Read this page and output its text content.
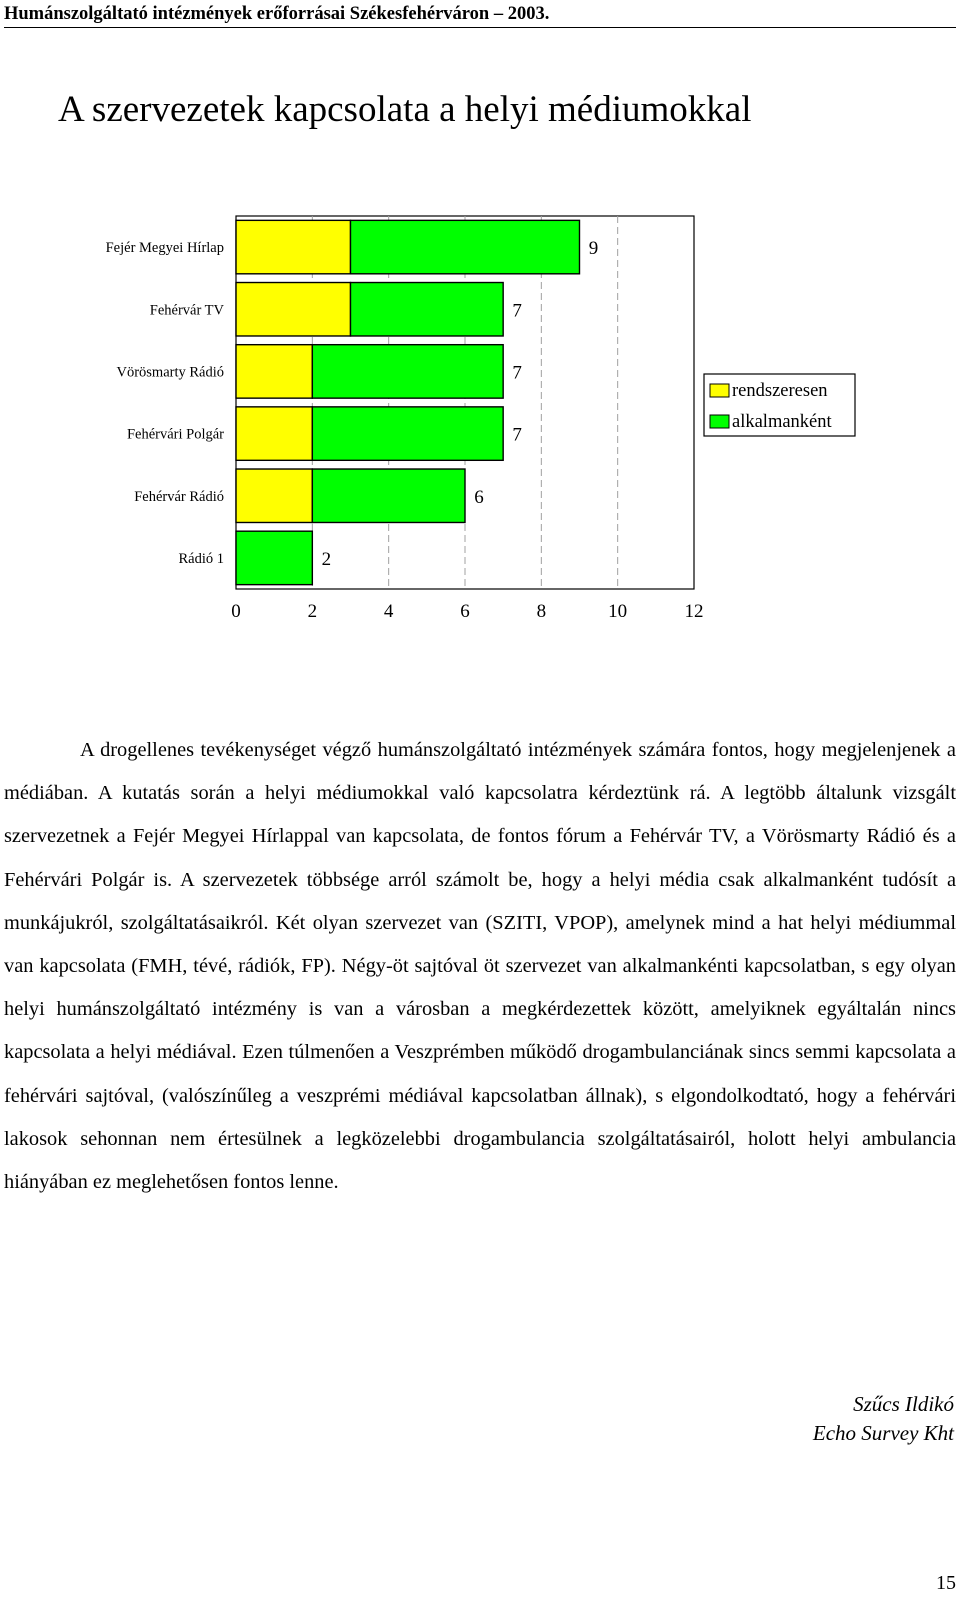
Humánszolgáltató intézmények erőforrásai Székesfehérváron – 2003.
A szervezetek kapcsolata a helyi médiumokkal
0	2	4	6	8	10	12
Fejér Megyei Hírlap	9
Fehérvár TV	7
Vörösmarty Rádió	7
Fehérvári Polgár	7
Fehérvár Rádió	6
Rádió 1	2
rendszeresen
alkalmanként

A drogellenes tevékenységet végző humánszolgáltató intézmények számára fontos, hogy megjelenjenek a médiában. A kutatás során a helyi médiumokkal való kapcsolatra kérdeztünk rá. A legtöbb általunk vizsgált szervezetnek a Fejér Megyei Hírlappal van kapcsolata, de fontos fórum a Fehérvár TV, a Vörösmarty Rádió és a Fehérvári Polgár is. A szervezetek többsége arról számolt be, hogy a helyi média csak alkalmanként tudósít a munkájukról, szolgáltatásaikról. Két olyan szervezet van (SZITI, VPOP), amelynek mind a hat helyi médiummal van kapcsolata (FMH, tévé, rádiók, FP). Négy-öt sajtóval öt szervezet van alkalmankénti kapcsolatban, s egy olyan helyi humánszolgáltató intézmény is van a városban a megkérdezettek között, amelyiknek egyáltalán nincs kapcsolata a helyi médiával. Ezen túlmenően a Veszprémben működő drogambulanciának sincs semmi kapcsolata a fehérvári sajtóval, (valószínűleg a veszprémi médiával kapcsolatban állnak), s elgondolkodtató, hogy a fehérvári lakosok sehonnan nem értesülnek a legközelebbi drogambulancia szolgáltatásairól, holott helyi ambulancia hiányában ez meglehetősen fontos lenne.

Szűcs Ildikó
Echo Survey Kht
15
